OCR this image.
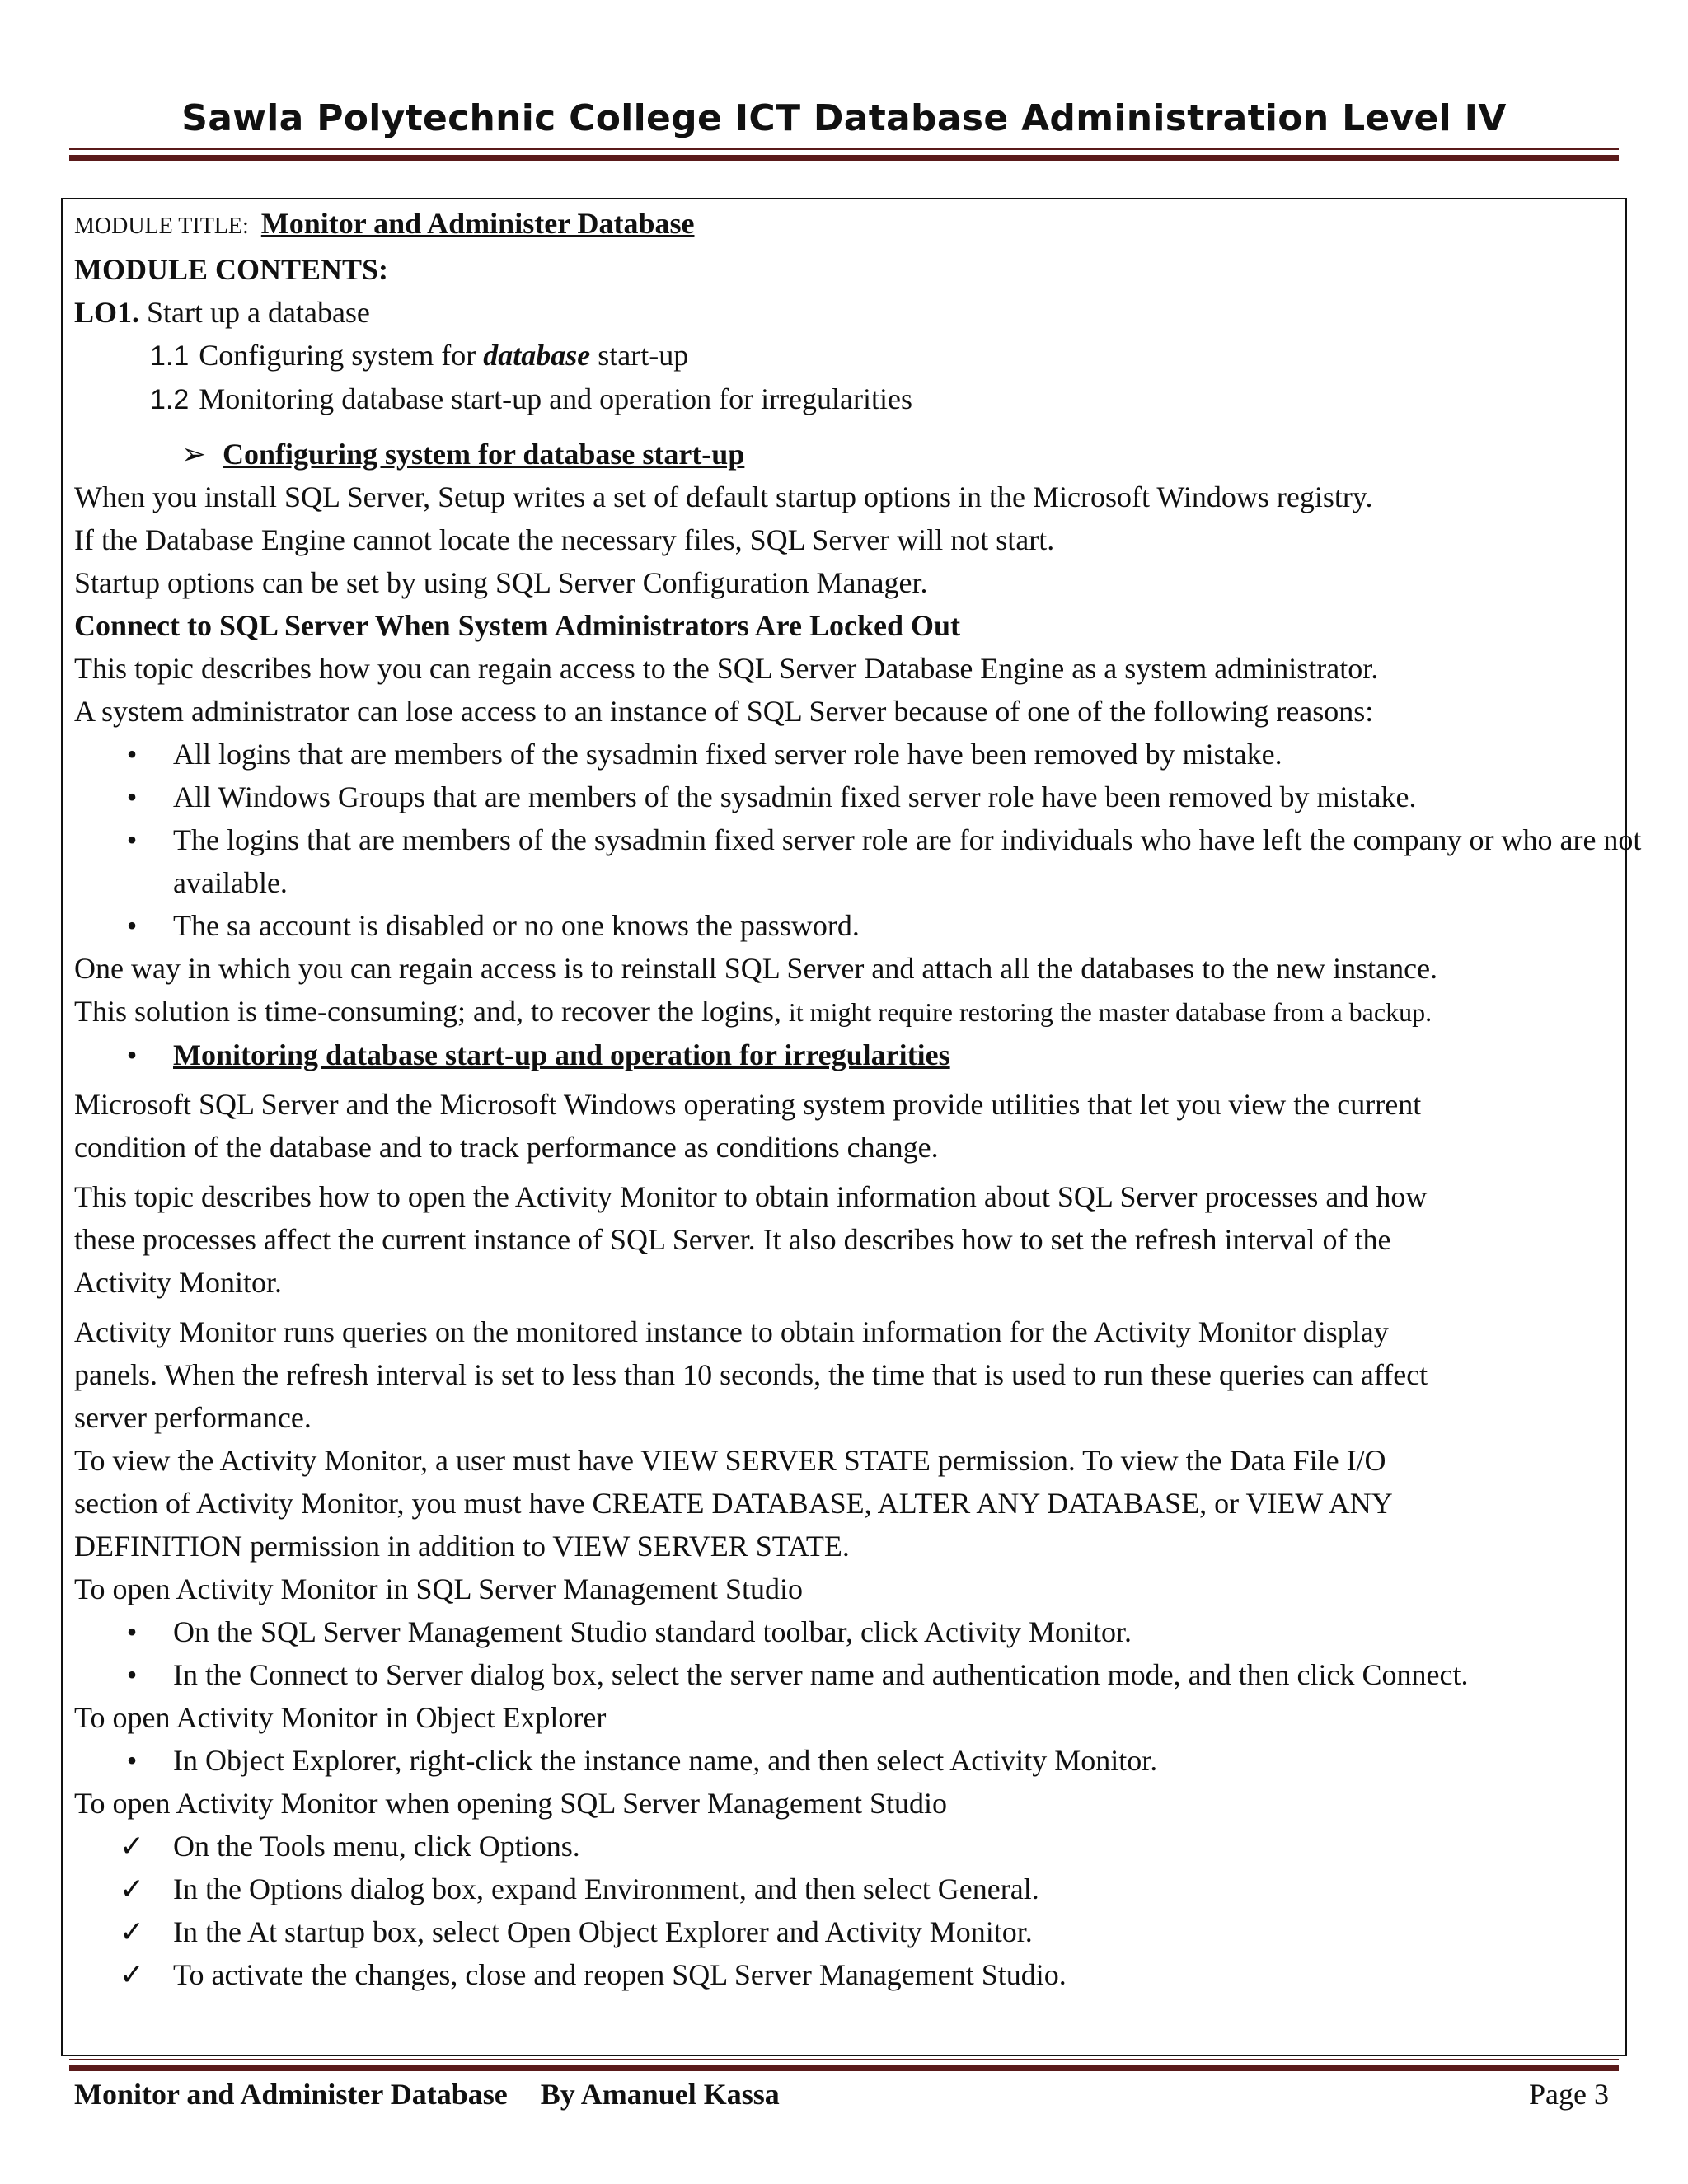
Sawla Polytechnic College ICT Database Administration Level IV
MODULE TITLE: Monitor and Administer Database
MODULE CONTENTS:
LO1. Start up a database
1.1 Configuring system for database start-up
1.2 Monitoring database start-up and operation for irregularities
➢ Configuring system for database start-up
When you install SQL Server, Setup writes a set of default startup options in the Microsoft Windows registry.
If the Database Engine cannot locate the necessary files, SQL Server will not start.
Startup options can be set by using SQL Server Configuration Manager.
Connect to SQL Server When System Administrators Are Locked Out
This topic describes how you can regain access to the SQL Server Database Engine as a system administrator.
A system administrator can lose access to an instance of SQL Server because of one of the following reasons:
•	All logins that are members of the sysadmin fixed server role have been removed by mistake.
•	All Windows Groups that are members of the sysadmin fixed server role have been removed by mistake.
•	The logins that are members of the sysadmin fixed server role are for individuals who have left the company or who are not available.
•	The sa account is disabled or no one knows the password.
One way in which you can regain access is to reinstall SQL Server and attach all the databases to the new instance.
This solution is time-consuming; and, to recover the logins, it might require restoring the master database from a backup.
•	Monitoring database start-up and operation for irregularities
Microsoft SQL Server and the Microsoft Windows operating system provide utilities that let you view the current
condition of the database and to track performance as conditions change.
This topic describes how to open the Activity Monitor to obtain information about SQL Server processes and how
these processes affect the current instance of SQL Server. It also describes how to set the refresh interval of the
Activity Monitor.
Activity Monitor runs queries on the monitored instance to obtain information for the Activity Monitor display
panels. When the refresh interval is set to less than 10 seconds, the time that is used to run these queries can affect
server performance.
To view the Activity Monitor, a user must have VIEW SERVER STATE permission. To view the Data File I/O
section of Activity Monitor, you must have CREATE DATABASE, ALTER ANY DATABASE, or VIEW ANY
DEFINITION permission in addition to VIEW SERVER STATE.
To open Activity Monitor in SQL Server Management Studio
•	On the SQL Server Management Studio standard toolbar, click Activity Monitor.
•	In the Connect to Server dialog box, select the server name and authentication mode, and then click Connect.
To open Activity Monitor in Object Explorer
•	In Object Explorer, right-click the instance name, and then select Activity Monitor.
To open Activity Monitor when opening SQL Server Management Studio
✓ On the Tools menu, click Options.
✓ In the Options dialog box, expand Environment, and then select General.
✓ In the At startup box, select Open Object Explorer and Activity Monitor.
✓ To activate the changes, close and reopen SQL Server Management Studio.
Monitor and Administer Database By Amanuel Kassa	Page 3
